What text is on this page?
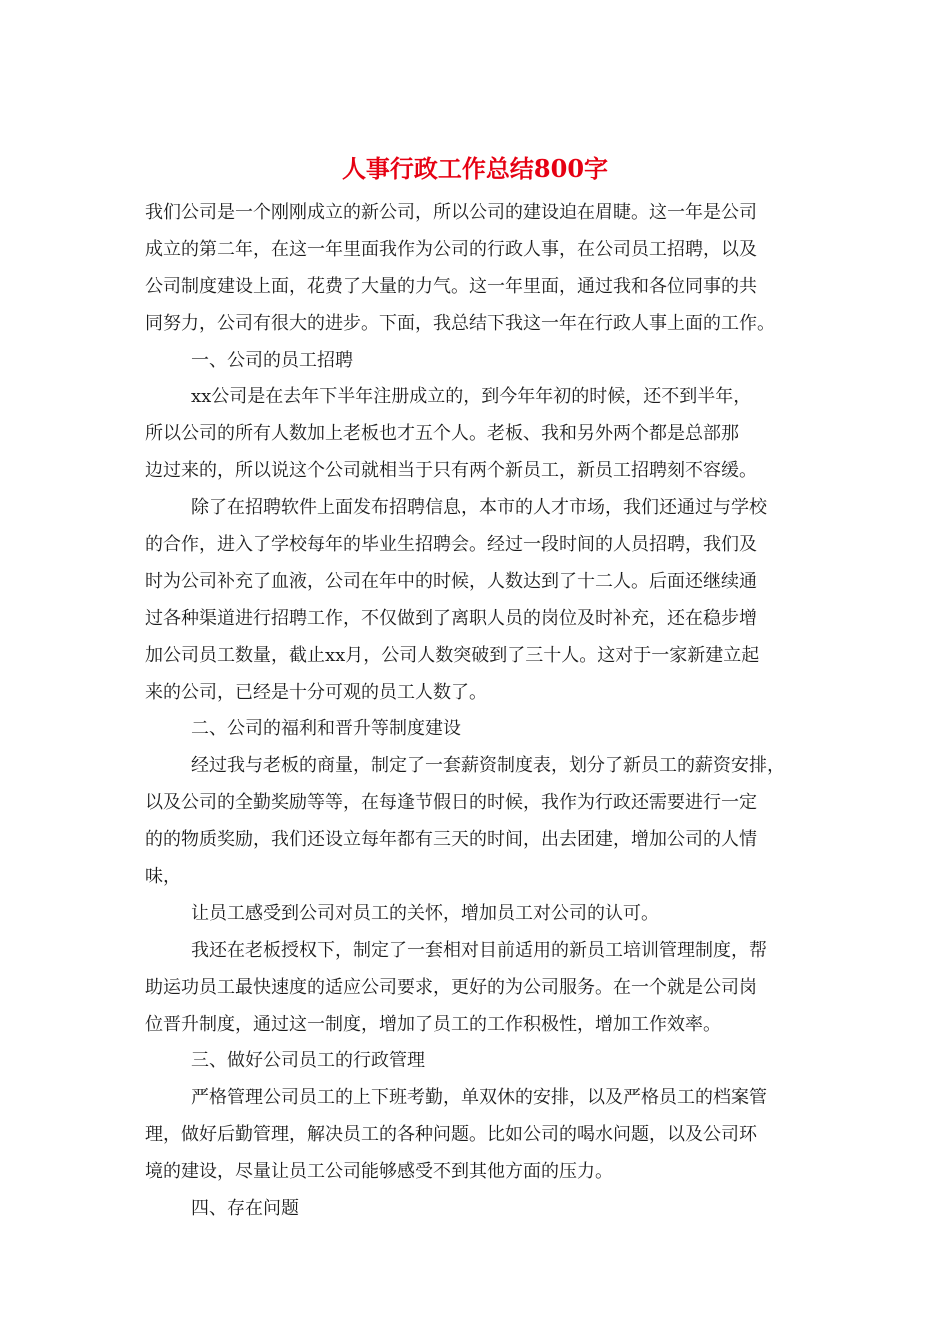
人事行政工作总结800字

我们公司是一个刚刚成立的新公司，所以公司的建设迫在眉睫。这一年是公司

成立的第二年，在这一年里面我作为公司的行政人事，在公司员工招聘，以及

公司制度建设上面，花费了大量的力气。这一年里面，通过我和各位同事的共

同努力，公司有很大的进步。下面，我总结下我这一年在行政人事上面的工作。

一、公司的员工招聘

xx公司是在去年下半年注册成立的，到今年年初的时候，还不到半年，

所以公司的所有人数加上老板也才五个人。老板、我和另外两个都是总部那

边过来的，所以说这个公司就相当于只有两个新员工，新员工招聘刻不容缓。

除了在招聘软件上面发布招聘信息，本市的人才市场，我们还通过与学校

的合作，进入了学校每年的毕业生招聘会。经过一段时间的人员招聘，我们及

时为公司补充了血液，公司在年中的时候，人数达到了十二人。后面还继续通

过各种渠道进行招聘工作，不仅做到了离职人员的岗位及时补充，还在稳步增

加公司员工数量，截止xx月，公司人数突破到了三十人。这对于一家新建立起

来的公司，已经是十分可观的员工人数了。

二、公司的福利和晋升等制度建设

经过我与老板的商量，制定了一套薪资制度表，划分了新员工的薪资安排，

以及公司的全勤奖励等等，在每逢节假日的时候，我作为行政还需要进行一定

的的物质奖励，我们还设立每年都有三天的时间，出去团建，增加公司的人情

味，

让员工感受到公司对员工的关怀，增加员工对公司的认可。

我还在老板授权下，制定了一套相对目前适用的新员工培训管理制度，帮

助运功员工最快速度的适应公司要求，更好的为公司服务。在一个就是公司岗

位晋升制度，通过这一制度，增加了员工的工作积极性，增加工作效率。

三、做好公司员工的行政管理

严格管理公司员工的上下班考勤，单双休的安排，以及严格员工的档案管

理，做好后勤管理，解决员工的各种问题。比如公司的喝水问题，以及公司环

境的建设，尽量让员工公司能够感受不到其他方面的压力。

四、存在问题
